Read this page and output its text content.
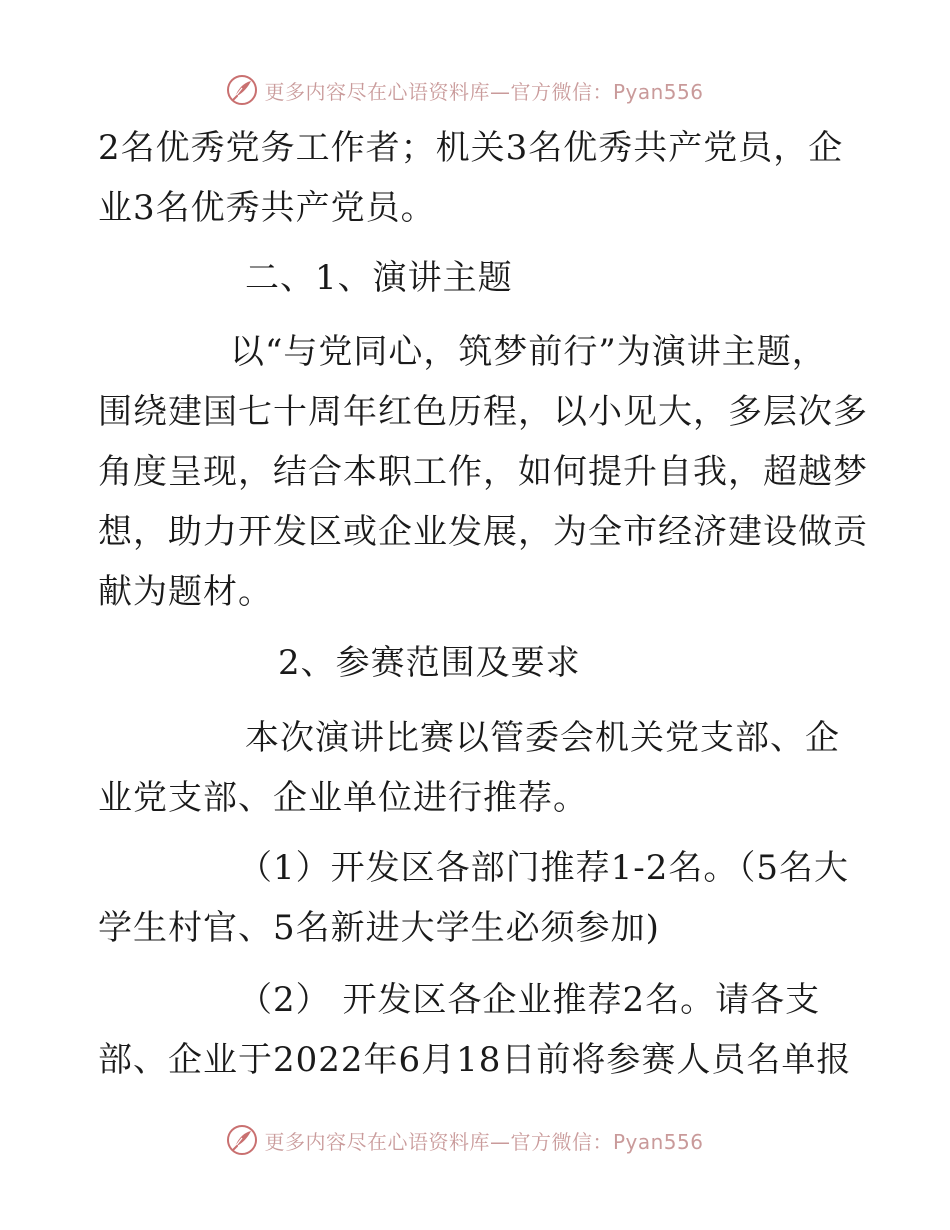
更多内容尽在心语资料库—官方微信：Pyan556
2名优秀党务工作者；机关3名优秀共产党员，企
业3名优秀共产党员。
二、1、演讲主题
以“与党同心，筑梦前行”为演讲主题，
围绕建国七十周年红色历程，以小见大，多层次多
角度呈现，结合本职工作，如何提升自我，超越梦
想，助力开发区或企业发展，为全市经济建设做贡
献为题材。
2、参赛范围及要求
本次演讲比赛以管委会机关党支部、企
业党支部、企业单位进行推荐。
（1）开发区各部门推荐1-2名。（5名大
学生村官、5名新进大学生必须参加)
（2） 开发区各企业推荐2名。请各支
部、企业于2022年6月18日前将参赛人员名单报
更多内容尽在心语资料库—官方微信：Pyan556
